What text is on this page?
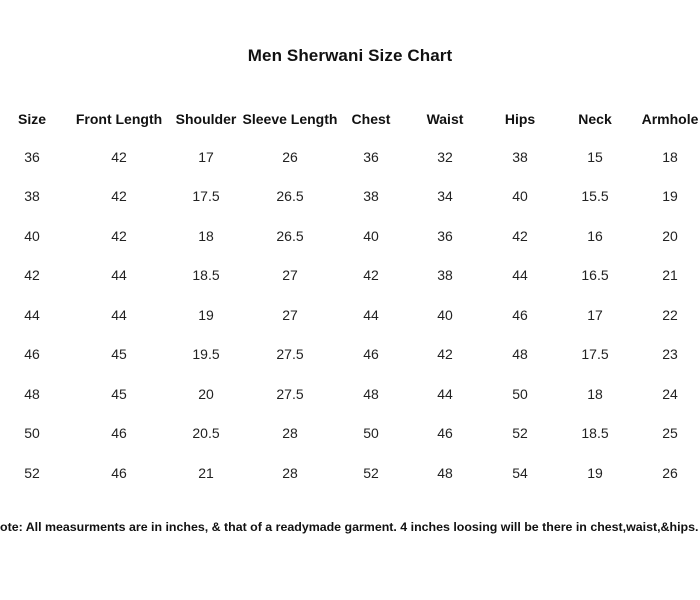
Men Sherwani Size Chart
Size	Front Length	Shoulder	Sleeve Length	Chest	Waist	Hips	Neck	Armhole
36	42	17	26	36	32	38	15	18
38	42	17.5	26.5	38	34	40	15.5	19
40	42	18	26.5	40	36	42	16	20
42	44	18.5	27	42	38	44	16.5	21
44	44	19	27	44	40	46	17	22
46	45	19.5	27.5	46	42	48	17.5	23
48	45	20	27.5	48	44	50	18	24
50	46	20.5	28	50	46	52	18.5	25
52	46	21	28	52	48	54	19	26
ote: All measurments are in inches, & that of a readymade garment. 4 inches loosing will be there in chest,waist,&hips.
